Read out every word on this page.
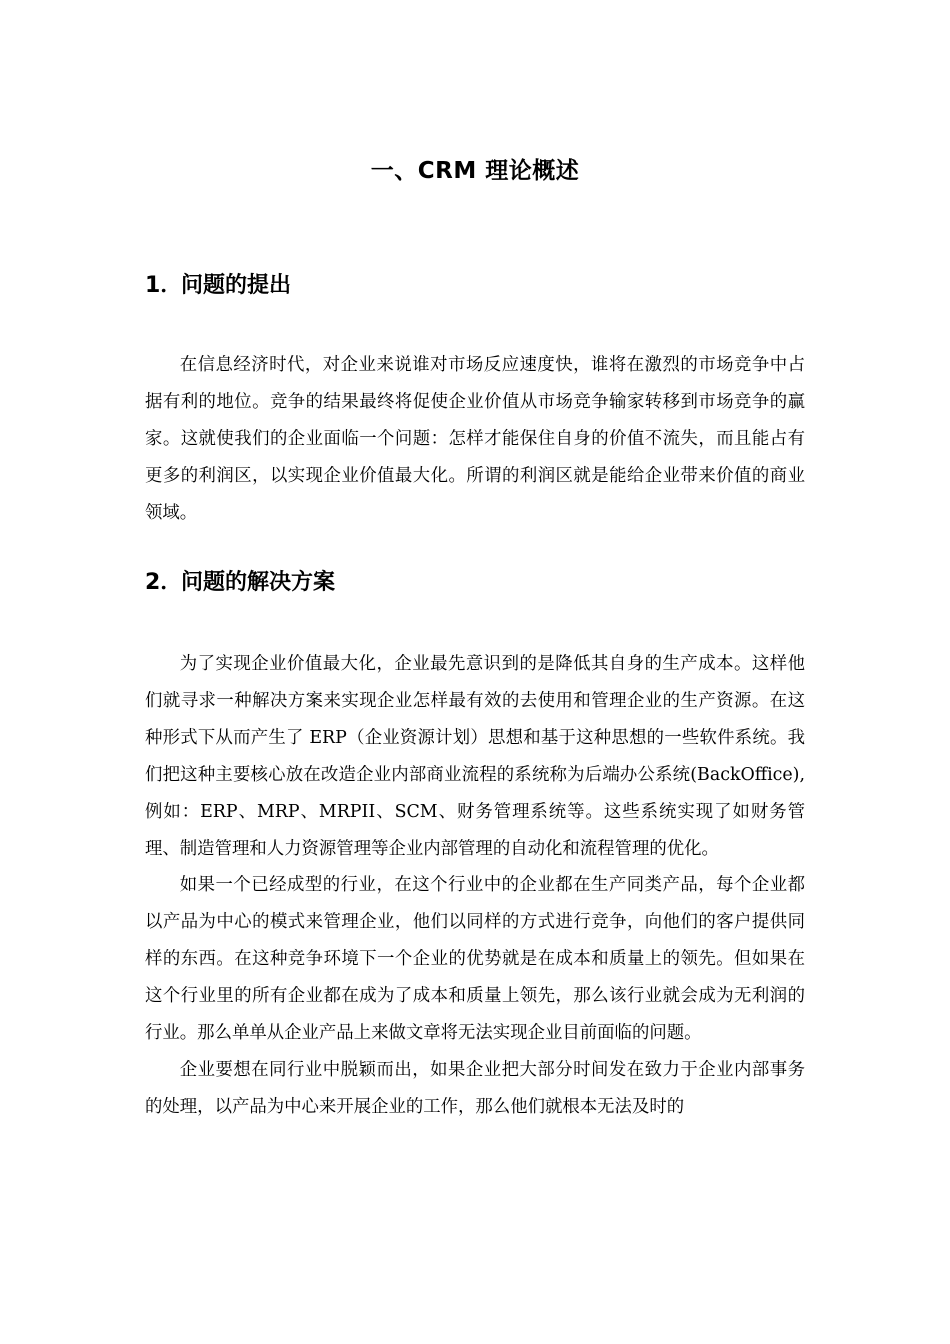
一、CRM 理论概述
1．问题的提出

在信息经济时代，对企业来说谁对市场反应速度快，谁将在激烈的市场竞争中占据有利的地位。竞争的结果最终将促使企业价值从市场竞争输家转移到市场竞争的赢家。这就使我们的企业面临一个问题：怎样才能保住自身的价值不流失，而且能占有更多的利润区，以实现企业价值最大化。所谓的利润区就是能给企业带来价值的商业领域。

2．问题的解决方案

为了实现企业价值最大化，企业最先意识到的是降低其自身的生产成本。这样他们就寻求一种解决方案来实现企业怎样最有效的去使用和管理企业的生产资源。在这种形式下从而产生了 ERP（企业资源计划）思想和基于这种思想的一些软件系统。我们把这种主要核心放在改造企业内部商业流程的系统称为后端办公系统(BackOffice),例如：ERP、MRP、MRPII、SCM、财务管理系统等。这些系统实现了如财务管理、制造管理和人力资源管理等企业内部管理的自动化和流程管理的优化。

如果一个已经成型的行业，在这个行业中的企业都在生产同类产品，每个企业都以产品为中心的模式来管理企业，他们以同样的方式进行竞争，向他们的客户提供同样的东西。在这种竞争环境下一个企业的优势就是在成本和质量上的领先。但如果在这个行业里的所有企业都在成为了成本和质量上领先，那么该行业就会成为无利润的行业。那么单单从企业产品上来做文章将无法实现企业目前面临的问题。

企业要想在同行业中脱颖而出，如果企业把大部分时间发在致力于企业内部事务的处理，以产品为中心来开展企业的工作，那么他们就根本无法及时的
